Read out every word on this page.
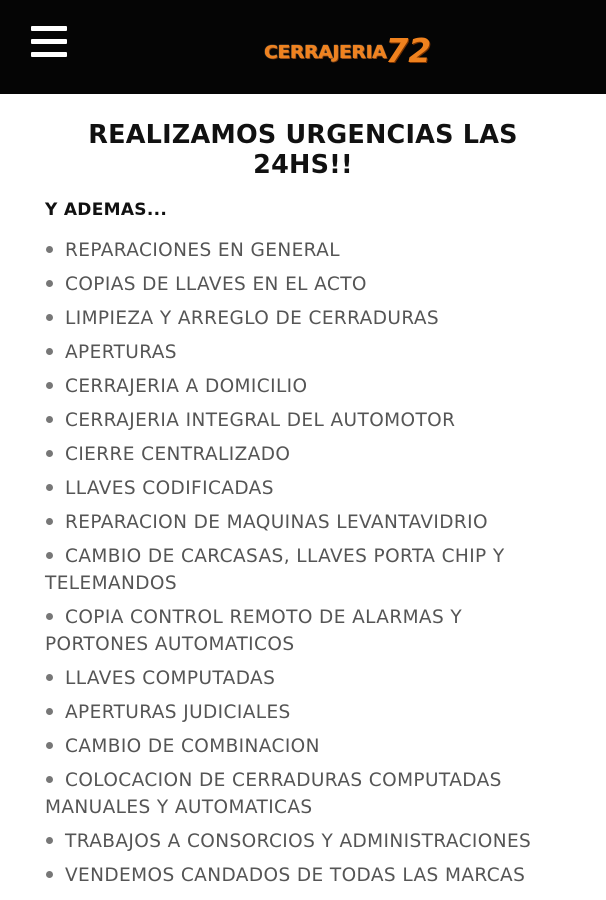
CERRAJERIA 72
REALIZAMOS URGENCIAS LAS 24HS!!
Y ADEMAS...
REPARACIONES EN GENERAL
COPIAS DE LLAVES EN EL ACTO
LIMPIEZA Y ARREGLO DE CERRADURAS
APERTURAS
CERRAJERIA A DOMICILIO
CERRAJERIA INTEGRAL DEL AUTOMOTOR
CIERRE CENTRALIZADO
LLAVES CODIFICADAS
REPARACION DE MAQUINAS LEVANTAVIDRIO
CAMBIO DE CARCASAS, LLAVES PORTA CHIP Y TELEMANDOS
COPIA CONTROL REMOTO DE ALARMAS Y PORTONES AUTOMATICOS
LLAVES COMPUTADAS
APERTURAS JUDICIALES
CAMBIO DE COMBINACION
COLOCACION DE CERRADURAS COMPUTADAS MANUALES Y AUTOMATICAS
TRABAJOS A CONSORCIOS Y ADMINISTRACIONES
VENDEMOS CANDADOS DE TODAS LAS MARCAS
